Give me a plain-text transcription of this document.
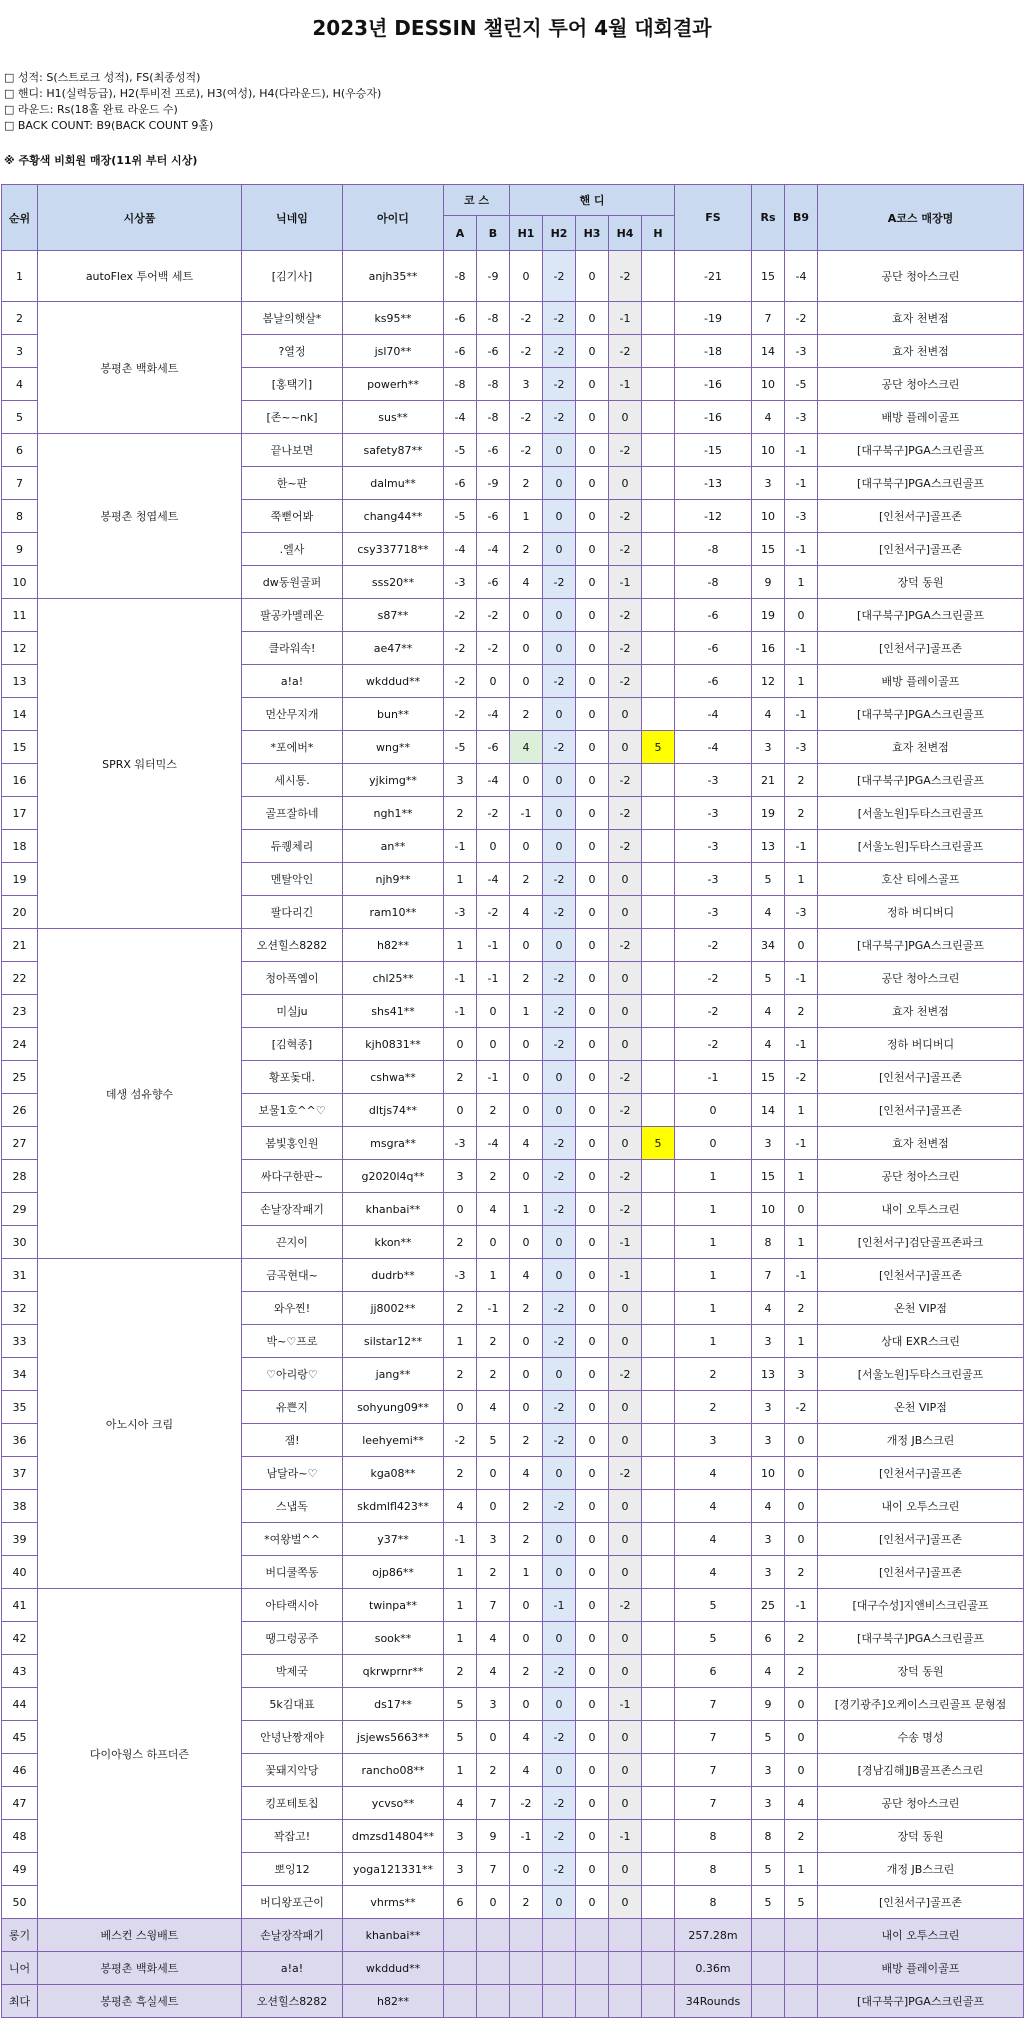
2023년 DESSIN 챌린지 투어 4월 대회결과
□ 성적: S(스트로크 성적), FS(최종성적)
□ 핸디: H1(실력등급), H2(투비전 프로), H3(여성), H4(다라운드), H(우승자)
□ 라운드: Rs(18홀 완료 라운드 수)
□ BACK COUNT: B9(BACK COUNT 9홀)
※ 주황색 비회원 매장(11위 부터 시상)
순위	시상품	닉네임	아이디	코 스		핸 디					FS	Rs	B9	A코스 매장명
				A	B	H1	H2	H3	H4	H				
1	autoFlex 투어백 세트	[김기사]	anjh35**	-8	-9	0	-2	0	-2		-21	15	-4	공단 청아스크린
2	봉평촌 백화세트	봄날의햇살*	ks95**	-6	-8	-2	-2	0	-1		-19	7	-2	효자 천변점
3		?열정	jsl70**	-6	-6	-2	-2	0	-2		-18	14	-3	효자 천변점
4		[홍택기]	powerh**	-8	-8	3	-2	0	-1		-16	10	-5	공단 청아스크린
5		[존~~nk]	sus**	-4	-8	-2	-2	0	0		-16	4	-3	배방 플레이골프
6	봉평촌 청엽세트	끝나보면	safety87**	-5	-6	-2	0	0	-2		-15	10	-1	[대구북구]PGA스크린골프
7		한~판	dalmu**	-6	-9	2	0	0	0		-13	3	-1	[대구북구]PGA스크린골프
8		쭉뻗어봐	chang44**	-5	-6	1	0	0	-2		-12	10	-3	[인천서구]골프존
9		.엘사	csy337718**	-4	-4	2	0	0	-2		-8	15	-1	[인천서구]골프존
10		dw동원골퍼	sss20**	-3	-6	4	-2	0	-1		-8	9	1	장덕 동원
11	SPRX 워터믹스	팔공카멜레온	s87**	-2	-2	0	0	0	-2		-6	19	0	[대구북구]PGA스크린골프
12		클라워속!	ae47**	-2	-2	0	0	0	-2		-6	16	-1	[인천서구]골프존
13		a!a!	wkddud**	-2	0	0	-2	0	-2		-6	12	1	배방 플레이골프
14		먼산무지개	bun**	-2	-4	2	0	0	0		-4	4	-1	[대구북구]PGA스크린골프
15		*포에버*	wng**	-5	-6	4	-2	0	0	5	-4	3	-3	효자 천변점
16		세시통.	yjkimg**	3	-4	0	0	0	-2		-3	21	2	[대구북구]PGA스크린골프
17		골프잘하네	ngh1**	2	-2	-1	0	0	-2		-3	19	2	[서울노원]두타스크린골프
18		듀퀭체리	an**	-1	0	0	0	0	-2		-3	13	-1	[서울노원]두타스크린골프
19		멘탈악인	njh9**	1	-4	2	-2	0	0		-3	5	1	호산 티에스골프
20		팔다리긴	ram10**	-3	-2	4	-2	0	0		-3	4	-3	정하 버디버디
21	데생 섬유향수	오션힐스8282	h82**	1	-1	0	0	0	-2		-2	34	0	[대구북구]PGA스크린골프
22		청아폭옘이	chl25**	-1	-1	2	-2	0	0		-2	5	-1	공단 청아스크린
23		미실ju	shs41**	-1	0	1	-2	0	0		-2	4	2	효자 천변점
24		[김혁종]	kjh0831**	0	0	0	-2	0	0		-2	4	-1	정하 버디버디
25		황포돛대.	cshwa**	2	-1	0	0	0	-2		-1	15	-2	[인천서구]골프존
26		보물1호^^♡	dltjs74**	0	2	0	0	0	-2		0	14	1	[인천서구]골프존
27		봄빛홍인원	msgra**	-3	-4	4	-2	0	0	5	0	3	-1	효자 천변점
28		싸다구한판~	g2020l4q**	3	2	0	-2	0	-2		1	15	1	공단 청아스크린
29		손날장작패기	khanbai**	0	4	1	-2	0	-2		1	10	0	내이 오투스크린
30		끈지이	kkon**	2	0	0	0	0	-1		1	8	1	[인천서구]검단골프존파크
31	아노시아 크림	금곡현대~	dudrb**	-3	1	4	0	0	-1		1	7	-1	[인천서구]골프존
32		와우찐!	jj8002**	2	-1	2	-2	0	0		1	4	2	온천 VIP점
33		박~♡프로	silstar12**	1	2	0	-2	0	0		1	3	1	상대 EXR스크린
34		♡아리랑♡	jang**	2	2	0	0	0	-2		2	13	3	[서울노원]두타스크린골프
35		유쁜지	sohyung09**	0	4	0	-2	0	0		2	3	-2	온천 VIP점
36		잼!	leehyemi**	-2	5	2	-2	0	0		3	3	0	개정 JB스크린
37		남달라~♡	kga08**	2	0	4	0	0	-2		4	10	0	[인천서구]골프존
38		스냅독	skdmlfl423**	4	0	2	-2	0	0		4	4	0	내이 오투스크린
39		*여왕벌^^	y37**	-1	3	2	0	0	0		4	3	0	[인천서구]골프존
40		버디쿨쪽동	ojp86**	1	2	1	0	0	0		4	3	2	[인천서구]골프존
41	다이아윙스 하프더즌	아타랙시아	twinpa**	1	7	0	-1	0	-2		5	25	-1	[대구수성]지앤비스크린골프
42		땡그렁공주	sook**	1	4	0	0	0	0		5	6	2	[대구북구]PGA스크린골프
43		박제국	qkrwprnr**	2	4	2	-2	0	0		6	4	2	장덕 동원
44		5k김대표	ds17**	5	3	0	0	0	-1		7	9	0	[경기광주]오케이스크린골프 문형점
45		안녕난짱재야	jsjews5663**	5	0	4	-2	0	0		7	5	0	수송 명성
46		꽃돼지악당	rancho08**	1	2	4	0	0	0		7	3	0	[경남김해]JB골프존스크린
47		킹포테토칩	ycvso**	4	7	-2	-2	0	0		7	3	4	공단 청아스크린
48		꽉잡고!	dmzsd14804**	3	9	-1	-2	0	-1		8	8	2	장덕 동원
49		뽀잉12	yoga121331**	3	7	0	-2	0	0		8	5	1	개정 JB스크린
50		버디왕포근이	vhrms**	6	0	2	0	0	0		8	5	5	[인천서구]골프존
롱기	베스컨 스윙배트	손날장작패기	khanbai**								257.28m			내이 오투스크린
니어	봉평촌 백화세트	a!a!	wkddud**								0.36m			배방 플레이골프
최다	봉평촌 흑실세트	오션힐스8282	h82**								34Rounds			[대구북구]PGA스크린골프
